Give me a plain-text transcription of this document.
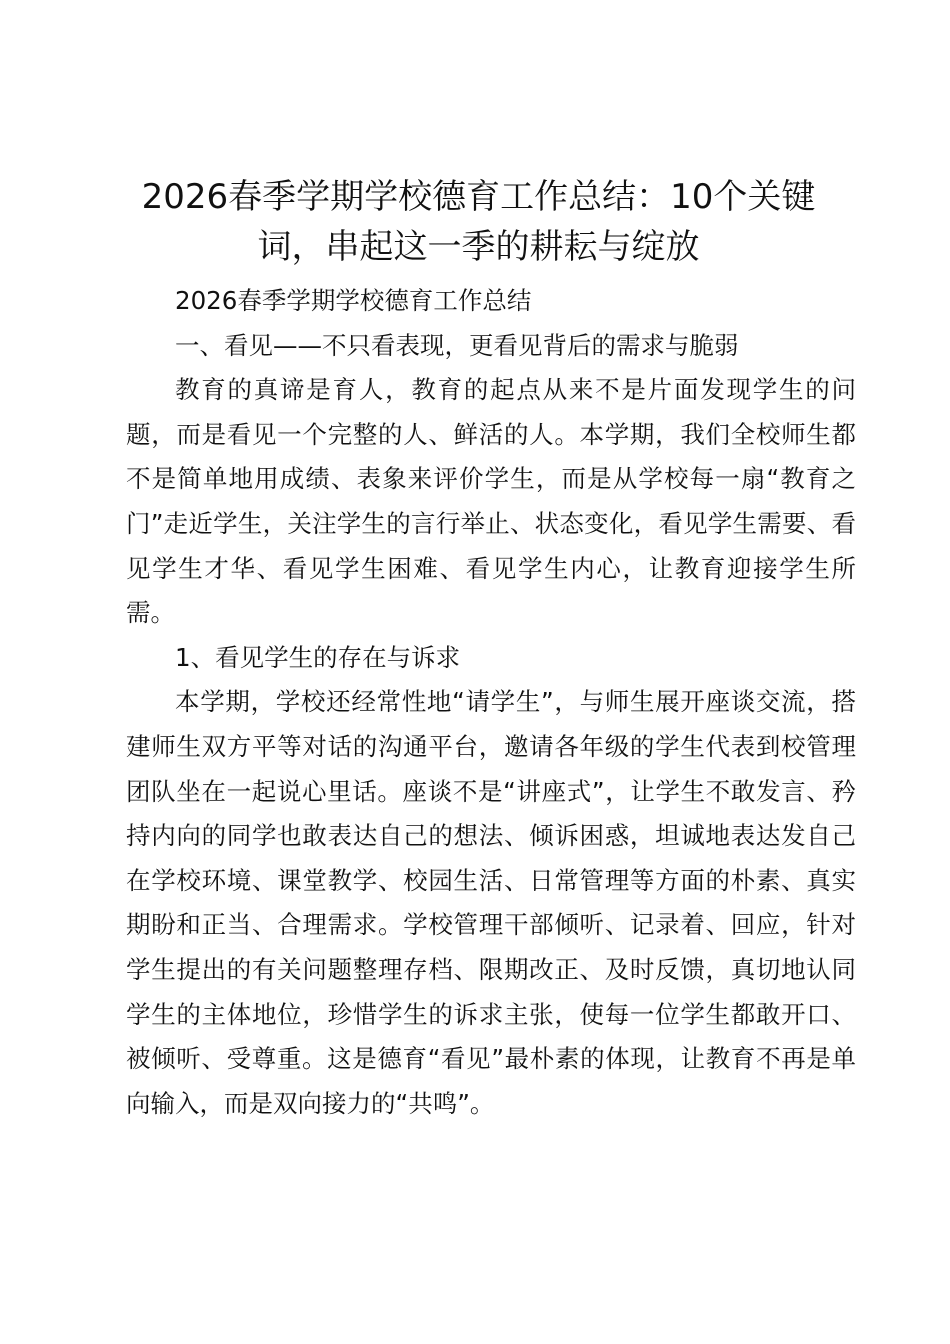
2026春季学期学校德育工作总结：10个关键词，串起这一季的耕耘与绽放

2026春季学期学校德育工作总结

一、看见——不只看表现，更看见背后的需求与脆弱

教育的真谛是育人，教育的起点从来不是片面发现学生的问题，而是看见一个完整的人、鲜活的人。本学期，我们全校师生都不是简单地用成绩、表象来评价学生，而是从学校每一扇“教育之门”走近学生，关注学生的言行举止、状态变化，看见学生需要、看见学生才华、看见学生困难、看见学生内心，让教育迎接学生所需。

1、看见学生的存在与诉求

本学期，学校还经常性地“请学生”，与师生展开座谈交流，搭建师生双方平等对话的沟通平台，邀请各年级的学生代表到校管理团队坐在一起说心里话。座谈不是“讲座式”，让学生不敢发言、矜持内向的同学也敢表达自己的想法、倾诉困惑，坦诚地表达发自己在学校环境、课堂教学、校园生活、日常管理等方面的朴素、真实期盼和正当、合理需求。学校管理干部倾听、记录着、回应，针对学生提出的有关问题整理存档、限期改正、及时反馈，真切地认同学生的主体地位，珍惜学生的诉求主张，使每一位学生都敢开口、被倾听、受尊重。这是德育“看见”最朴素的体现，让教育不再是单向输入，而是双向接力的“共鸣”。
